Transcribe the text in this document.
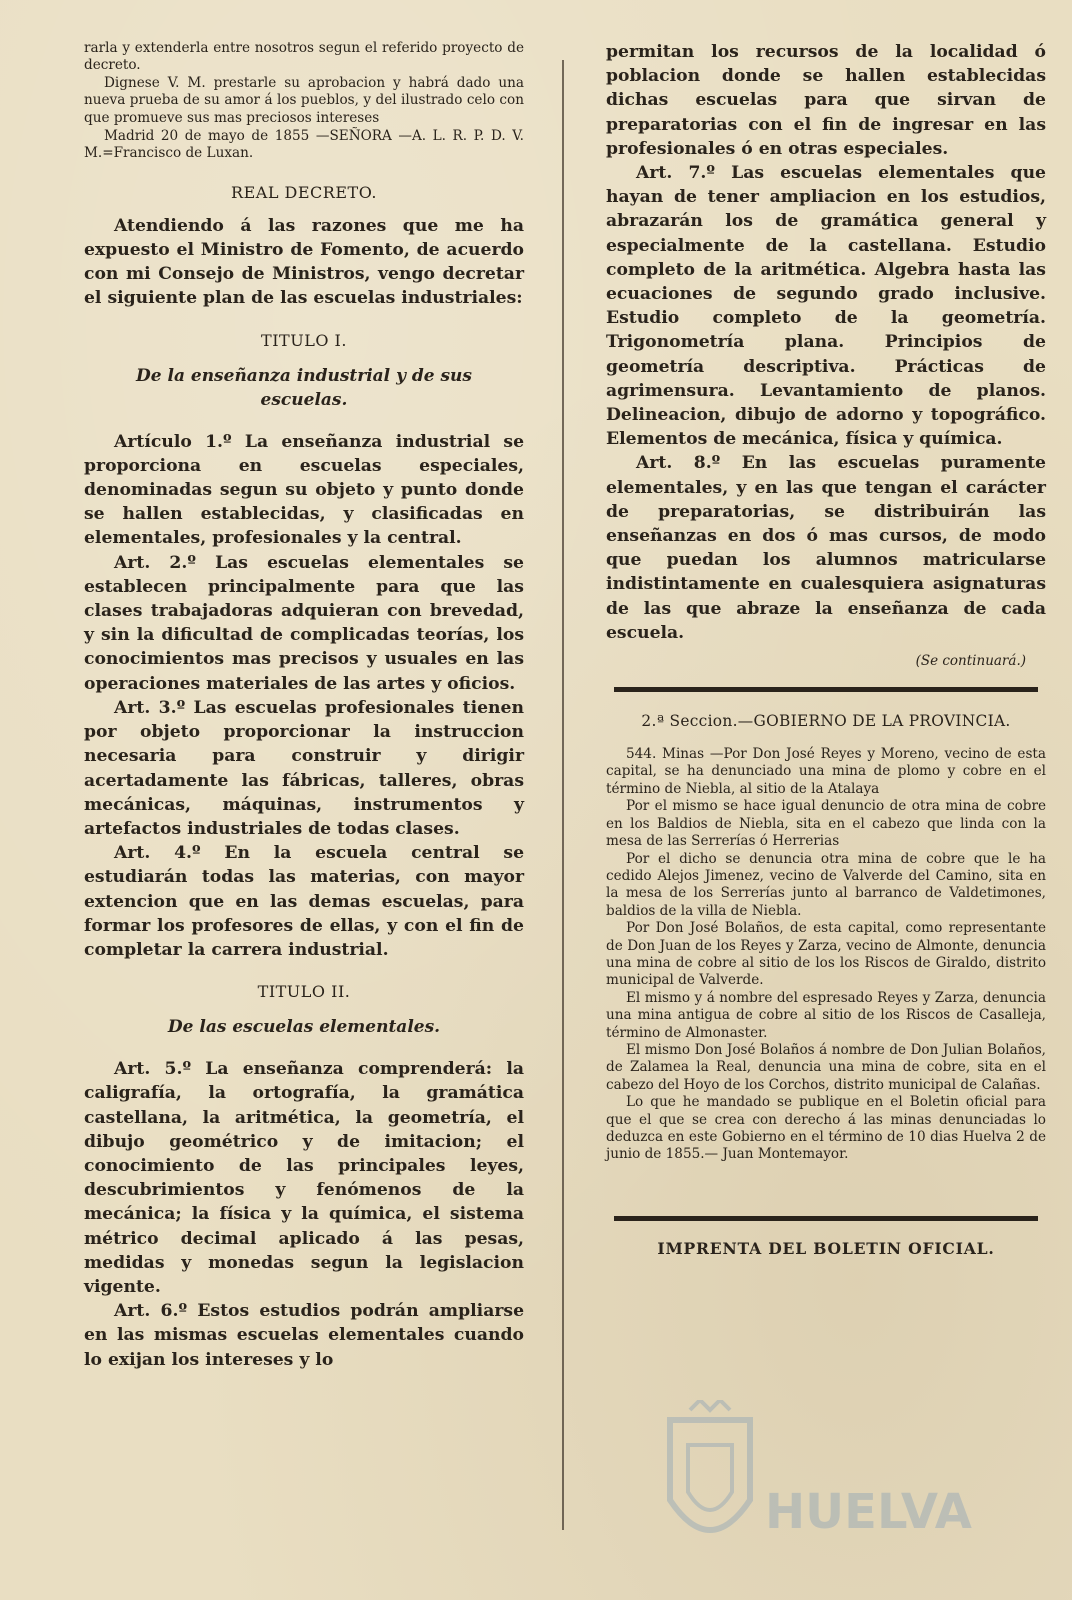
rarla y extenderla entre nosotros segun el referido proyecto de decreto.

Dignese V. M. prestarle su aprobacion y habrá dado una nueva prueba de su amor á los pueblos, y del ilustrado celo con que promueve sus mas preciosos intereses

Madrid 20 de mayo de 1855 —SEÑORA —A. L. R. P. D. V. M.=Francisco de Luxan.

REAL DECRETO.

Atendiendo á las razones que me ha expuesto el Ministro de Fomento, de acuerdo con mi Consejo de Ministros, vengo decretar el siguiente plan de las escuelas industriales:

TITULO I.

De la enseñanza industrial y de sus escuelas.

Artículo 1.º La enseñanza industrial se proporciona en escuelas especiales, denominadas segun su objeto y punto donde se hallen establecidas, y clasificadas en elementales, profesionales y la central.

Art. 2.º Las escuelas elementales se establecen principalmente para que las clases trabajadoras adquieran con brevedad, y sin la dificultad de complicadas teorías, los conocimientos mas precisos y usuales en las operaciones materiales de las artes y oficios.

Art. 3.º Las escuelas profesionales tienen por objeto proporcionar la instruccion necesaria para construir y dirigir acertadamente las fábricas, talleres, obras mecánicas, máquinas, instrumentos y artefactos industriales de todas clases.

Art. 4.º En la escuela central se estudiarán todas las materias, con mayor extencion que en las demas escuelas, para formar los profesores de ellas, y con el fin de completar la carrera industrial.

TITULO II.

De las escuelas elementales.

Art. 5.º La enseñanza comprenderá: la caligrafía, la ortografía, la gramática castellana, la aritmética, la geometría, el dibujo geométrico y de imitacion; el conocimiento de las principales leyes, descubrimientos y fenómenos de la mecánica; la física y la química, el sistema métrico decimal aplicado á las pesas, medidas y monedas segun la legislacion vigente.

Art. 6.º Estos estudios podrán ampliarse en las mismas escuelas elementales cuando lo exijan los intereses y lo

permitan los recursos de la localidad ó poblacion donde se hallen establecidas dichas escuelas para que sirvan de preparatorias con el fin de ingresar en las profesionales ó en otras especiales.

Art. 7.º Las escuelas elementales que hayan de tener ampliacion en los estudios, abrazarán los de gramática general y especialmente de la castellana. Estudio completo de la aritmética. Algebra hasta las ecuaciones de segundo grado inclusive. Estudio completo de la geometría. Trigonometría plana. Principios de geometría descriptiva. Prácticas de agrimensura. Levantamiento de planos. Delineacion, dibujo de adorno y topográfico. Elementos de mecánica, física y química.

Art. 8.º En las escuelas puramente elementales, y en las que tengan el carácter de preparatorias, se distribuirán las enseñanzas en dos ó mas cursos, de modo que puedan los alumnos matricularse indistintamente en cualesquiera asignaturas de las que abraze la enseñanza de cada escuela.

(Se continuará.)

2.ª Seccion.—GOBIERNO DE LA PROVINCIA.

544. Minas —Por Don José Reyes y Moreno, vecino de esta capital, se ha denunciado una mina de plomo y cobre en el término de Niebla, al sitio de la Atalaya

Por el mismo se hace igual denuncio de otra mina de cobre en los Baldios de Niebla, sita en el cabezo que linda con la mesa de las Serrerías ó Herrerias

Por el dicho se denuncia otra mina de cobre que le ha cedido Alejos Jimenez, vecino de Valverde del Camino, sita en la mesa de los Serrerías junto al barranco de Valdetimones, baldios de la villa de Niebla.

Por Don José Bolaños, de esta capital, como representante de Don Juan de los Reyes y Zarza, vecino de Almonte, denuncia una mina de cobre al sitio de los los Riscos de Giraldo, distrito municipal de Valverde.

El mismo y á nombre del espresado Reyes y Zarza, denuncia una mina antigua de cobre al sitio de los Riscos de Casalleja, término de Almonaster.

El mismo Don José Bolaños á nombre de Don Julian Bolaños, de Zalamea la Real, denuncia una mina de cobre, sita en el cabezo del Hoyo de los Corchos, distrito municipal de Calañas.

Lo que he mandado se publique en el Boletin oficial para que el que se crea con derecho á las minas denunciadas lo deduzca en este Gobierno en el término de 10 dias Huelva 2 de junio de 1855.— Juan Montemayor.

IMPRENTA DEL BOLETIN OFICIAL.

HUELVA
